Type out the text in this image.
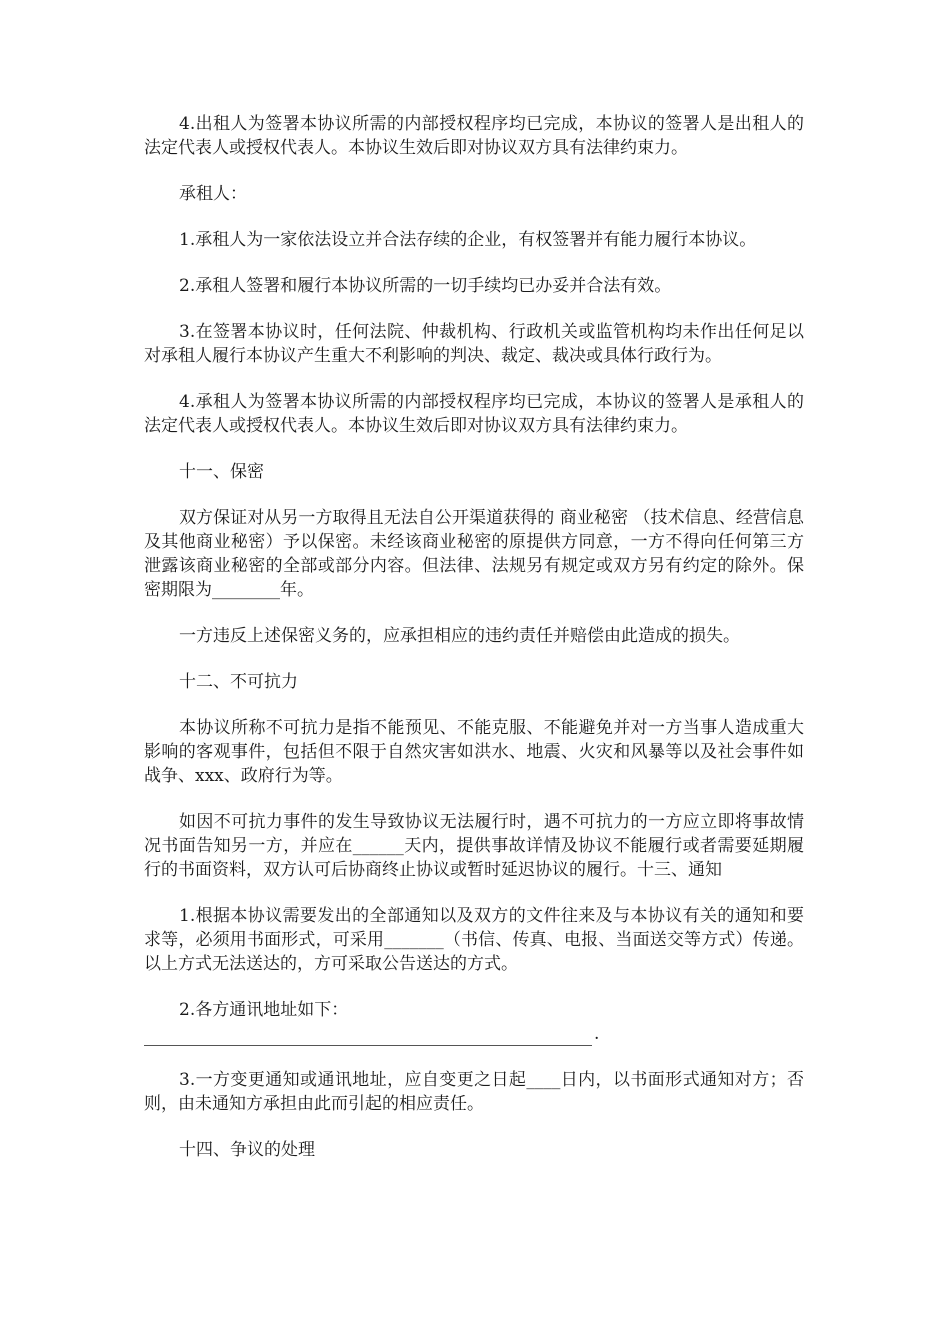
4.出租人为签署本协议所需的内部授权程序均已完成，本协议的签署人是出租人的法定代表人或授权代表人。本协议生效后即对协议双方具有法律约束力。

承租人：

1.承租人为一家依法设立并合法存续的企业，有权签署并有能力履行本协议。

2.承租人签署和履行本协议所需的一切手续均已办妥并合法有效。

3.在签署本协议时，任何法院、仲裁机构、行政机关或监管机构均未作出任何足以对承租人履行本协议产生重大不利影响的判决、裁定、裁决或具体行政行为。

4.承租人为签署本协议所需的内部授权程序均已完成，本协议的签署人是承租人的法定代表人或授权代表人。本协议生效后即对协议双方具有法律约束力。

十一、保密

双方保证对从另一方取得且无法自公开渠道获得的 商业秘密 （技术信息、经营信息及其他商业秘密）予以保密。未经该商业秘密的原提供方同意，一方不得向任何第三方泄露该商业秘密的全部或部分内容。但法律、法规另有规定或双方另有约定的除外。保密期限为________年。

一方违反上述保密义务的，应承担相应的违约责任并赔偿由此造成的损失。

十二、不可抗力

本协议所称不可抗力是指不能预见、不能克服、不能避免并对一方当事人造成重大影响的客观事件，包括但不限于自然灾害如洪水、地震、火灾和风暴等以及社会事件如战争、xxx、政府行为等。

如因不可抗力事件的发生导致协议无法履行时，遇不可抗力的一方应立即将事故情况书面告知另一方，并应在______天内，提供事故详情及协议不能履行或者需要延期履行的书面资料，双方认可后协商终止协议或暂时延迟协议的履行。十三、通知

1.根据本协议需要发出的全部通知以及双方的文件往来及与本协议有关的通知和要求等，必须用书面形式，可采用_______（书信、传真、电报、当面送交等方式）传递。以上方式无法送达的，方可采取公告送达的方式。

2.各方通讯地址如下：

.

3.一方变更通知或通讯地址，应自变更之日起____日内，以书面形式通知对方；否则，由未通知方承担由此而引起的相应责任。

十四、争议的处理
